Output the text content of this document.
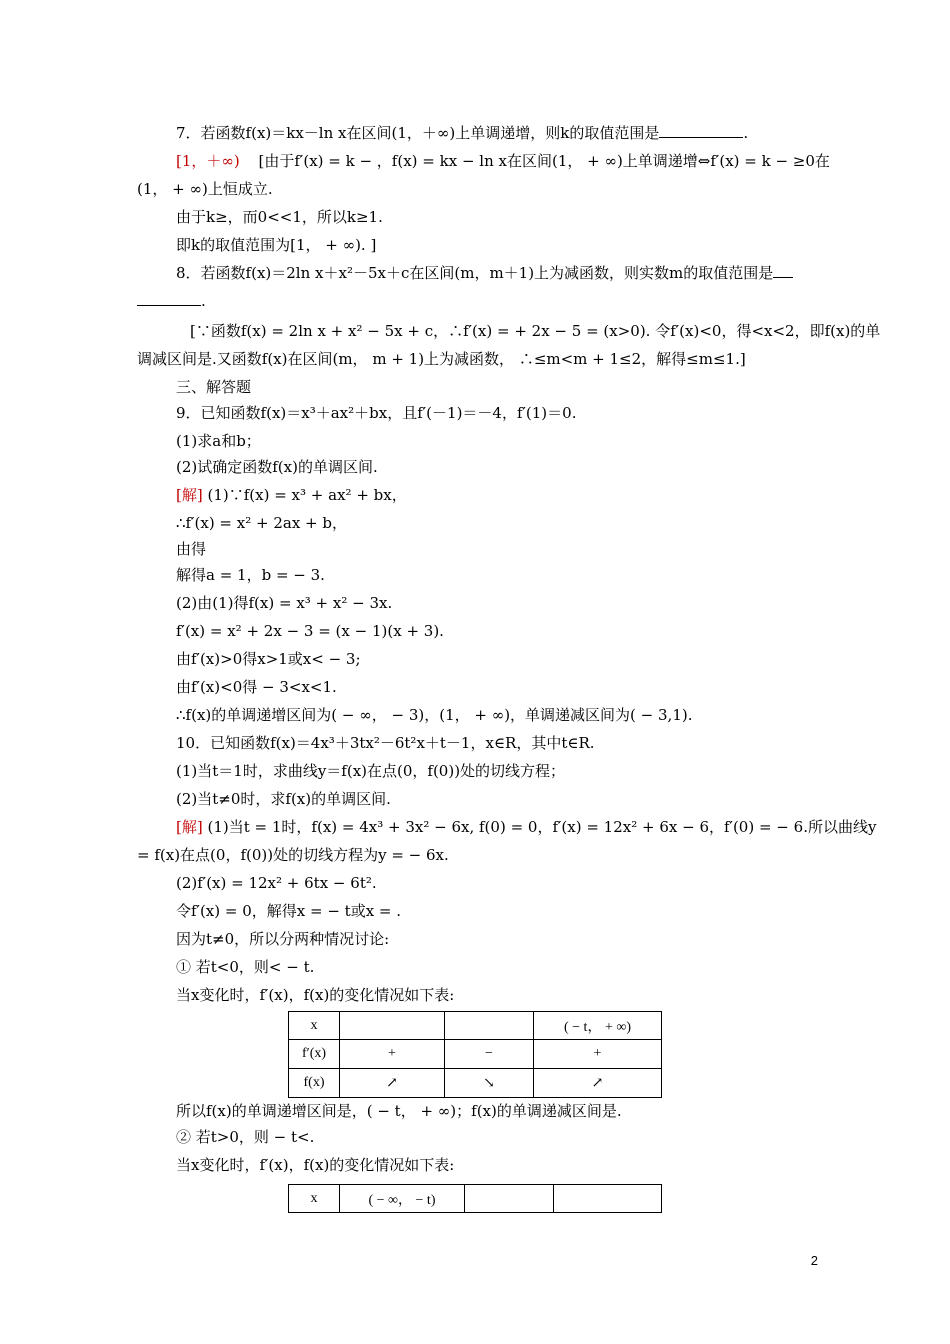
7．若函数f(x)＝kx－ln x在区间(1，＋∞)上单调递增，则k的取值范围是	.
[1，＋∞) [由于f′(x) = k − ，f(x) = kx − ln x在区间(1， + ∞)上单调递增⇔f′(x) = k − ≥0在
(1， + ∞)上恒成立.
由于k≥，而0<<1，所以k≥1.
即k的取值范围为[1， + ∞). ]
8．若函数f(x)＝2ln x＋x²－5x＋c在区间(m，m＋1)上为减函数，则实数m的取值范围是
.
[∵函数f(x) = 2ln x + x² − 5x + c，∴f′(x) = + 2x − 5 = (x>0). 令f′(x)<0，得<x<2，即f(x)的单
调减区间是.又函数f(x)在区间(m， m + 1)上为减函数， ∴≤m<m + 1≤2，解得≤m≤1.]
三、解答题
9．已知函数f(x)＝x³＋ax²＋bx，且f′(－1)＝－4，f′(1)＝0.
(1)求a和b；
(2)试确定函数f(x)的单调区间.
[解] (1)∵f(x) = x³ + ax² + bx，
∴f′(x) = x² + 2ax + b，
由得
解得a = 1，b = − 3.
(2)由(1)得f(x) = x³ + x² − 3x.
f′(x) = x² + 2x − 3 = (x − 1)(x + 3).
由f′(x)>0得x>1或x< − 3;
由f′(x)<0得 − 3<x<1.
∴f(x)的单调递增区间为( − ∞， − 3)，(1， + ∞)，单调递减区间为( − 3,1).
10．已知函数f(x)＝4x³＋3tx²－6t²x＋t－1，x∈R，其中t∈R.
(1)当t＝1时，求曲线y＝f(x)在点(0，f(0))处的切线方程；
(2)当t≠0时，求f(x)的单调区间.
[解] (1)当t = 1时，f(x) = 4x³ + 3x² − 6x, f(0) = 0，f′(x) = 12x² + 6x − 6，f′(0) = − 6.所以曲线y
= f(x)在点(0，f(0))处的切线方程为y = − 6x.
(2)f′(x) = 12x² + 6tx − 6t².
令f′(x) = 0，解得x = − t或x = .
因为t≠0，所以分两种情况讨论:
① 若t<0，则< − t.
当x变化时，f′(x)，f(x)的变化情况如下表:
x			( − t， + ∞)
f′(x)	+	−	+
f(x)	↗	↘	↗
所以f(x)的单调递增区间是，( − t， + ∞)；f(x)的单调递减区间是.
② 若t>0，则 − t<.
当x变化时，f′(x)，f(x)的变化情况如下表:
x	( − ∞， − t)		
2
